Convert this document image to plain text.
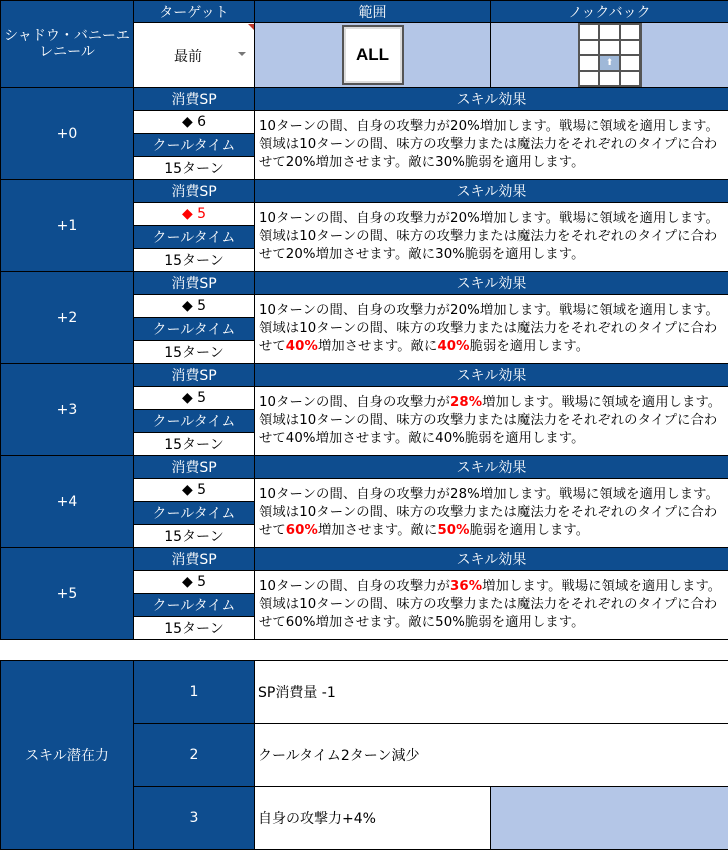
シャドウ・バニーエレニール	ターゲット	範囲	ノックバック

	最前	ALL	⬆
+0	消費SP	スキル効果
	◆ 6	10ターンの間、自身の攻撃力が20%増加します。戦場に領域を適用します。領域は10ターンの間、味方の攻撃力または魔法力をそれぞれのタイプに合わせて20%増加させます。敵に30%脆弱を適用します。
	クールタイム	
	15ターン	
+1	消費SP	スキル効果
	◆ 5	10ターンの間、自身の攻撃力が20%増加します。戦場に領域を適用します。領域は10ターンの間、味方の攻撃力または魔法力をそれぞれのタイプに合わせて20%増加させます。敵に30%脆弱を適用します。
	クールタイム	
	15ターン	
+2	消費SP	スキル効果
	◆ 5	10ターンの間、自身の攻撃力が20%増加します。戦場に領域を適用します。領域は10ターンの間、味方の攻撃力または魔法力をそれぞれのタイプに合わせて40%増加させます。敵に40%脆弱を適用します。
	クールタイム	
	15ターン	
+3	消費SP	スキル効果
	◆ 5	10ターンの間、自身の攻撃力が28%増加します。戦場に領域を適用します。領域は10ターンの間、味方の攻撃力または魔法力をそれぞれのタイプに合わせて40%増加させます。敵に40%脆弱を適用します。
	クールタイム	
	15ターン	
+4	消費SP	スキル効果
	◆ 5	10ターンの間、自身の攻撃力が28%増加します。戦場に領域を適用します。領域は10ターンの間、味方の攻撃力または魔法力をそれぞれのタイプに合わせて60%増加させます。敵に50%脆弱を適用します。
	クールタイム	
	15ターン	
+5	消費SP	スキル効果
	◆ 5	10ターンの間、自身の攻撃力が36%増加します。戦場に領域を適用します。領域は10ターンの間、味方の攻撃力または魔法力をそれぞれのタイプに合わせて60%増加させます。敵に50%脆弱を適用します。
	クールタイム	
	15ターン	
スキル潜在力	1	SP消費量 -1	
	2	クールタイム2ターン減少	
	3	自身の攻撃力+4%	
